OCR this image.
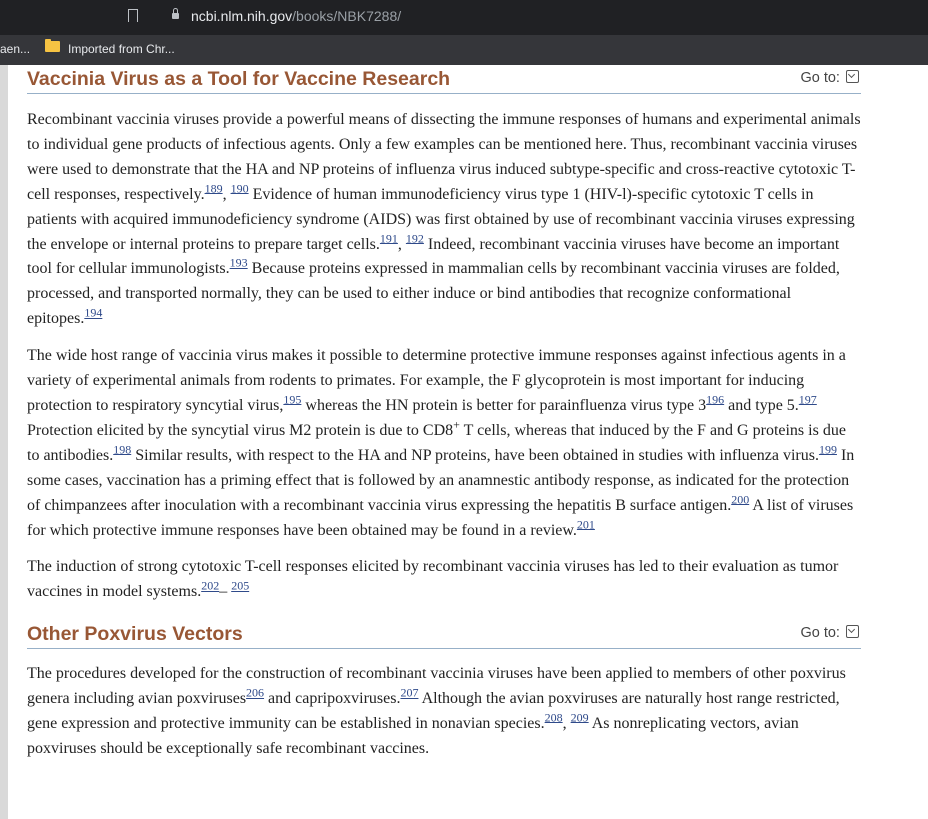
ncbi.nlm.nih.gov/books/NBK7288/
aen...	Imported from Chr...
Vaccinia Virus as a Tool for Vaccine Research	Go to:

Recombinant vaccinia viruses provide a powerful means of dissecting the immune responses of humans and experimental animals to individual gene products of infectious agents. Only a few examples can be mentioned here. Thus, recombinant vaccinia viruses were used to demonstrate that the HA and NP proteins of influenza virus induced subtype-specific and cross-reactive cytotoxic T-cell responses, respectively.$^{189}$, $^{190}$ Evidence of human immunodeficiency virus type 1 (HIV-l)-specific cytotoxic T cells in patients with acquired immunodeficiency syndrome (AIDS) was first obtained by use of recombinant vaccinia viruses expressing the envelope or internal proteins to prepare target cells.$^{191}$, $^{192}$ Indeed, recombinant vaccinia viruses have become an important tool for cellular immunologists.$^{193}$ Because proteins expressed in mammalian cells by recombinant vaccinia viruses are folded, processed, and transported normally, they can be used to either induce or bind antibodies that recognize conformational epitopes.$^{194}$

The wide host range of vaccinia virus makes it possible to determine protective immune responses against infectious agents in a variety of experimental animals from rodents to primates. For example, the F glycoprotein is most important for inducing protection to respiratory syncytial virus,$^{195}$ whereas the HN protein is better for parainfluenza virus type 3$^{196}$ and type 5.$^{197}$ Protection elicited by the syncytial virus M2 protein is due to CD8+ T cells, whereas that induced by the F and G proteins is due to antibodies.$^{198}$ Similar results, with respect to the HA and NP proteins, have been obtained in studies with influenza virus.$^{199}$ In some cases, vaccination has a priming effect that is followed by an anamnestic antibody response, as indicated for the protection of chimpanzees after inoculation with a recombinant vaccinia virus expressing the hepatitis B surface antigen.$^{200}$ A list of viruses for which protective immune responses have been obtained may be found in a review.$^{201}$

The induction of strong cytotoxic T-cell responses elicited by recombinant vaccinia viruses has led to their evaluation as tumor vaccines in model systems.$^{202}$– $^{205}$

Other Poxvirus Vectors	Go to:

The procedures developed for the construction of recombinant vaccinia viruses have been applied to members of other poxvirus genera including avian poxviruses$^{206}$ and capripoxviruses.$^{207}$ Although the avian poxviruses are naturally host range restricted, gene expression and protective immunity can be established in nonavian species.$^{208}$, $^{209}$ As nonreplicating vectors, avian poxviruses should be exceptionally safe recombinant vaccines.
